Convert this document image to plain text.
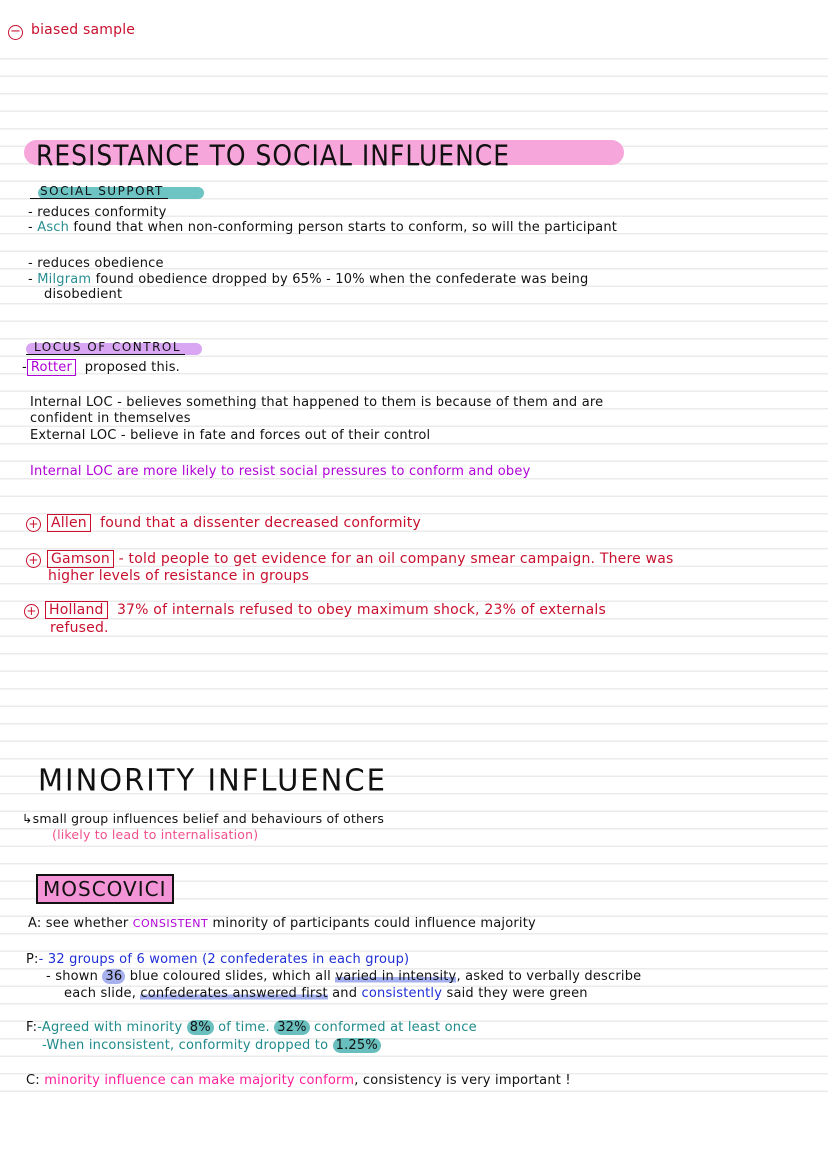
− biased sample
RESISTANCE TO SOCIAL INFLUENCE
SOCIAL SUPPORT
- reduces conformity
- Asch found that when non-conforming person starts to conform, so will the participant
- reduces obedience
- Milgram found obedience dropped by 65% - 10% when the confederate was being
disobedient
LOCUS OF CONTROL
- Rotter proposed this.
Internal LOC - believes something that happened to them is because of them and are
confident in themselves
External LOC - believe in fate and forces out of their control
Internal LOC are more likely to resist social pressures to conform and obey
+ Allen found that a dissenter decreased conformity
+ Gamson - told people to get evidence for an oil company smear campaign. There was
higher levels of resistance in groups
+ Holland 37% of internals refused to obey maximum shock, 23% of externals
refused.
MINORITY INFLUENCE
↳small group influences belief and behaviours of others
(likely to lead to internalisation)
MOSCOVICI
A: see whether CONSISTENT minority of participants could influence majority
P:- 32 groups of 6 women (2 confederates in each group)
- shown 36 blue coloured slides, which all varied in intensity, asked to verbally describe
each slide, confederates answered first and consistently said they were green
F:-Agreed with minority 8% of time. 32% conformed at least once
-When inconsistent, conformity dropped to 1.25%
C: minority influence can make majority conform, consistency is very important !
